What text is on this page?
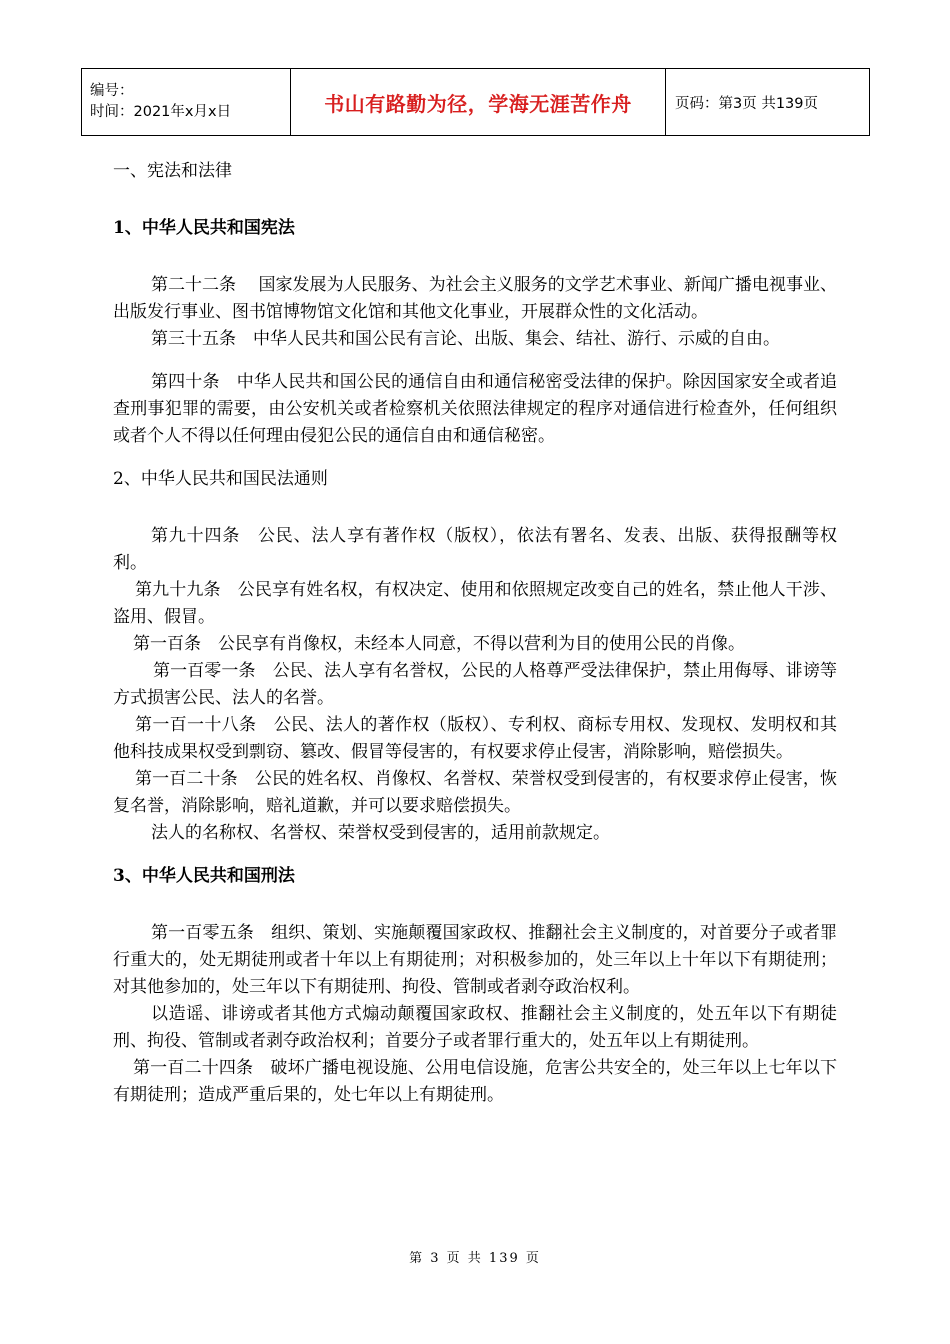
编号：
时间：2021年x月x日	书山有路勤为径，学海无涯苦作舟	页码：第3页 共139页

一、宪法和法律

1、中华人民共和国宪法

第二十二条　 国家发展为人民服务、为社会主义服务的文学艺术事业、新闻广播电视事业、出版发行事业、图书馆博物馆文化馆和其他文化事业，开展群众性的文化活动。

第三十五条　中华人民共和国公民有言论、出版、集会、结社、游行、示威的自由。

第四十条　中华人民共和国公民的通信自由和通信秘密受法律的保护。除因国家安全或者追查刑事犯罪的需要，由公安机关或者检察机关依照法律规定的程序对通信进行检查外，任何组织或者个人不得以任何理由侵犯公民的通信自由和通信秘密。

2、中华人民共和国民法通则

第九十四条　公民、法人享有著作权（版权），依法有署名、发表、出版、获得报酬等权利。

第九十九条　公民享有姓名权，有权决定、使用和依照规定改变自己的姓名，禁止他人干涉、盗用、假冒。

第一百条　公民享有肖像权，未经本人同意，不得以营利为目的使用公民的肖像。

第一百零一条　公民、法人享有名誉权，公民的人格尊严受法律保护，禁止用侮辱、诽谤等方式损害公民、法人的名誉。

第一百一十八条　公民、法人的著作权（版权）、专利权、商标专用权、发现权、发明权和其他科技成果权受到剽窃、篡改、假冒等侵害的，有权要求停止侵害，消除影响，赔偿损失。

第一百二十条　公民的姓名权、肖像权、名誉权、荣誉权受到侵害的，有权要求停止侵害，恢复名誉，消除影响，赔礼道歉，并可以要求赔偿损失。

法人的名称权、名誉权、荣誉权受到侵害的，适用前款规定。

3、中华人民共和国刑法

第一百零五条　组织、策划、实施颠覆国家政权、推翻社会主义制度的，对首要分子或者罪行重大的，处无期徒刑或者十年以上有期徒刑；对积极参加的，处三年以上十年以下有期徒刑；对其他参加的，处三年以下有期徒刑、拘役、管制或者剥夺政治权利。

以造谣、诽谤或者其他方式煽动颠覆国家政权、推翻社会主义制度的，处五年以下有期徒刑、拘役、管制或者剥夺政治权利；首要分子或者罪行重大的，处五年以上有期徒刑。

第一百二十四条　破坏广播电视设施、公用电信设施，危害公共安全的，处三年以上七年以下有期徒刑；造成严重后果的，处七年以上有期徒刑。

第 3 页 共 139 页
